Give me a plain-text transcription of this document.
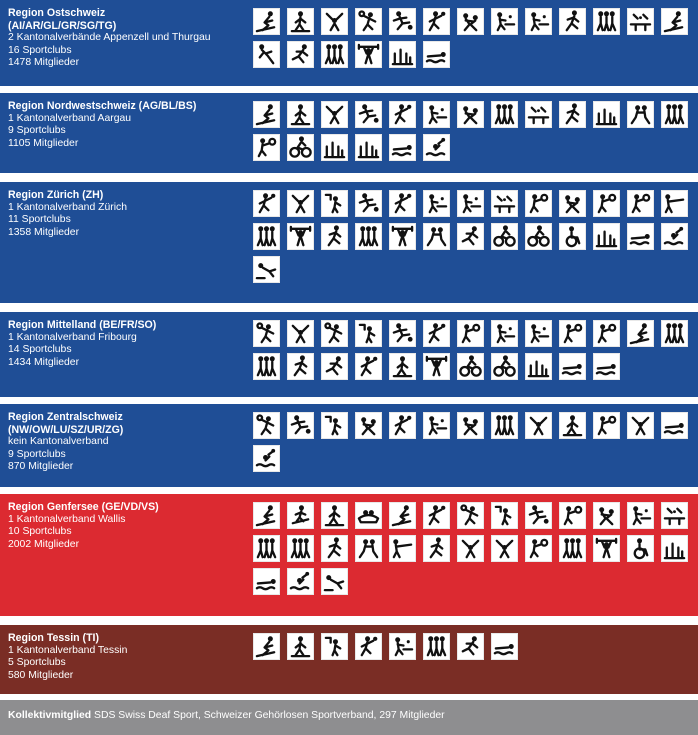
Region Ostschweiz
(AI/AR/GL/GR/SG/TG)
2 Kantonalverbände Appenzell und Thurgau
16 Sportclubs
1478 Mitglieder
Region Nordwestschweiz (AG/BL/BS)
1 Kantonalverband Aargau
9 Sportclubs
1105 Mitglieder
Region Zürich (ZH)
1 Kantonalverband Zürich
11 Sportclubs
1358 Mitglieder
Region Mittelland (BE/FR/SO)
1 Kantonalverband Fribourg
14 Sportclubs
1434 Mitglieder
Region Zentralschweiz
(NW/OW/LU/SZ/UR/ZG)
kein Kantonalverband
9 Sportclubs
870 Mitglieder
Region Genfersee (GE/VD/VS)
1 Kantonalverband Wallis
10 Sportclubs
2002 Mitglieder
Region Tessin (TI)
1 Kantonalverband Tessin
5 Sportclubs
580 Mitglieder
Kollektivmitglied SDS Swiss Deaf Sport, Schweizer Gehörlosen Sportverband, 297 Mitglieder
